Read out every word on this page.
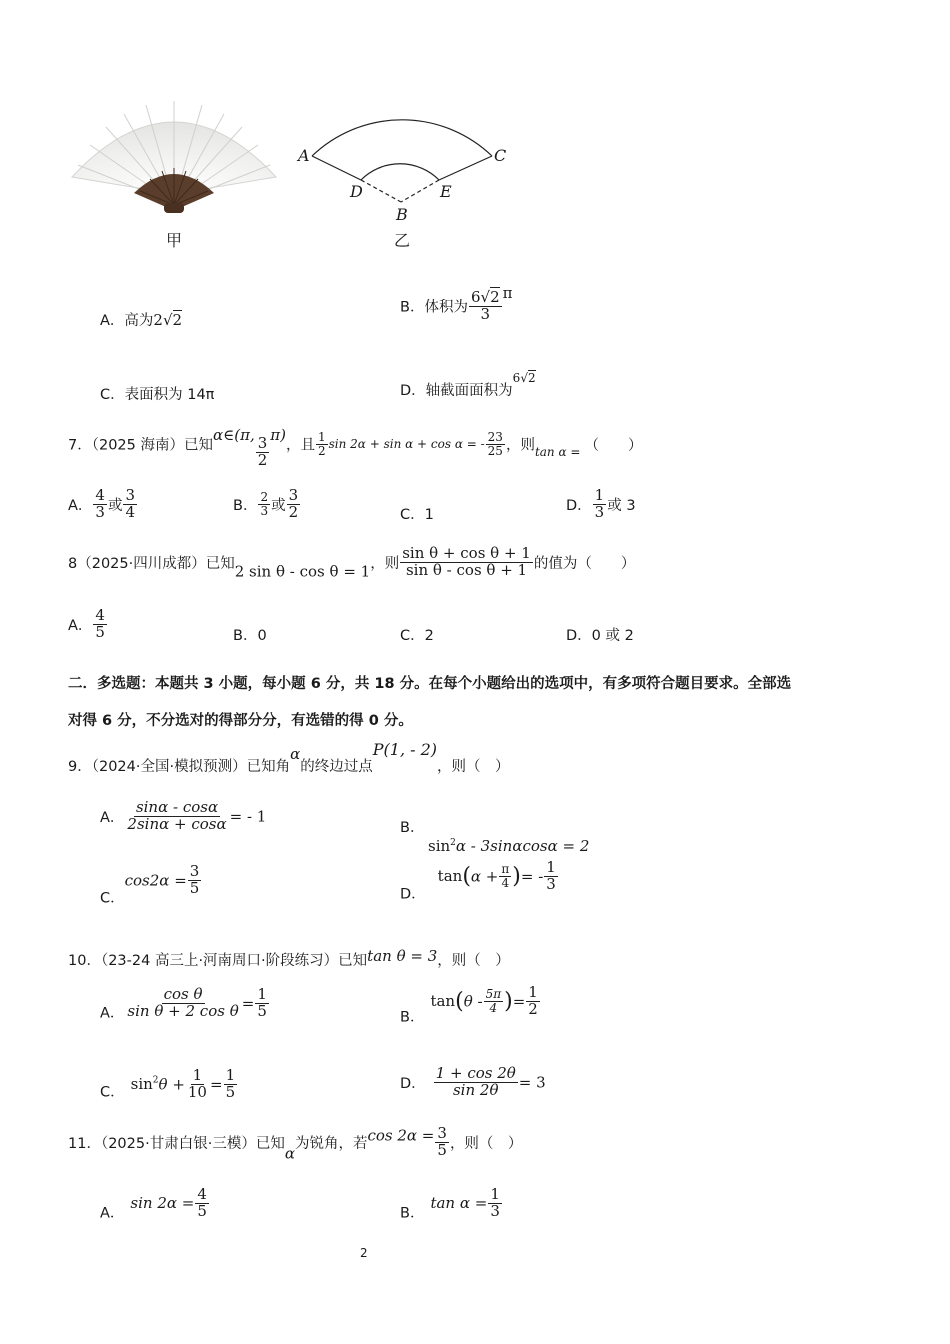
甲
A	C
D	E
B
乙
A．高为2√2
B．体积为 $\frac{6√2}{3}$ π
C．表面积为 14π	D．轴截面面积为6√2
7．（2025 海南）已知α∈(π,
$\frac{3}{2}$
π)，且 $\frac{1}{2}$ sin 2α + sin α + cos α = - $\frac{23}{25}$ ，则$_{tan \alpha =}$ （　　）
A． $\frac{4}{3}$ 或 $\frac{3}{4}$	B． $\frac{2}{3}$ 或 $\frac{3}{2}$	C．1
D． $\frac{1}{3}$ 或 3
8（2025·四川成都）已知2 sin θ - cos θ = 1，则 $\frac{\text{sin θ + cos θ + 1}}{\text{sin θ - cos θ + 1}}$ 的值为（　　）
A． $\frac{4}{5}$	B．0	C．2	D．0 或 2
二．多选题：本题共 3 小题，每小题 6 分，共 18 分。在每个小题给出的选项中，有多项符合题目要求。全部选
对得 6 分，不分选对的得部分分，有选错的得 0 分。
9．（2024·全国·模拟预测）已知角α的终边过点P(1, - 2)，则（　）
A． $\frac{\sin\alpha - \cos\alpha}{2\sin\alpha + \cos\alpha}$ = - 1
B．
$\sin^2\alpha - 3\sin\alpha\cos\alpha = 2$
C．$\cos 2\alpha = \frac{3}{5}$	D．$\tan(\alpha + \frac{\pi}{4}$ )= - $\frac{1}{3}$
10．（23-24 高三上·河南周口·阶段练习）已知tan θ = 3，则（　）
A． $\frac{\text{cos θ}}{\text{sin θ + 2 cos θ}} = \frac{1}{5}$	B．$\tan(\theta - \frac{5\pi}{4}$ )= $\frac{1}{2}$
C． $\sin^2\theta + \frac{1}{10} = \frac{1}{5}$	D． $\frac{1 + \cos 2\theta}{\sin 2\theta} = 3$
11．（2025·甘肃白银·三模）已知α为锐角，若$\cos 2\alpha = \frac{3}{5}$ ，则（　）
A．$\sin 2\alpha = \frac{4}{5}$	B．$\tan \alpha = \frac{1}{3}$
2
